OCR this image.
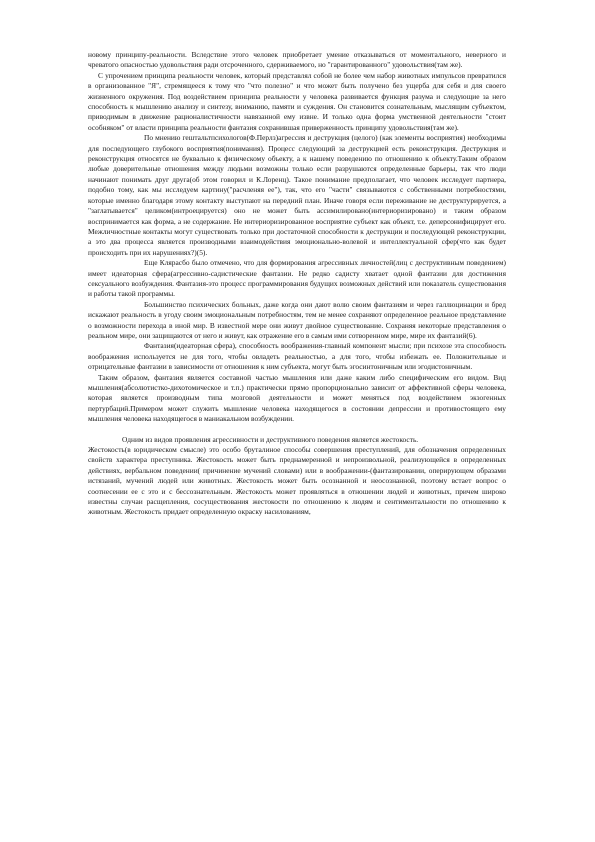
новому принципу-реальности. Вследствие этого человек приобретает умение отказываться от моментального, неверного и чреватого опасностью удовольствия ради отсроченного, сдерживаемого, но "гарантированного" удовольствия(там же).

С упрочением принципа реальности человек, который представлял собой не более чем набор животных импульсов превратился в организованное "Я", стремящееся к тому что "что полезно" и что может быть получено без ущерба для себя и для своего жизненного окружения. Под воздействием принципа реальности у человека развивается функция разума и следующие за него способность к мышлению анализу и синтезу, вниманию, памяти и суждения. Он становится сознательным, мыслящим субъектом, приводимым в движение рационалистичности навязанной ему извне. И только одна форма умственной деятельности "стоит особняком" от власти принципа реальности фантазия сохранившая приверженность принципу удовольствия(там же).

По мнению гештальтпсихологов(Ф.Перлз)агрессия и деструкция (целого) (как элементы восприятия) необходимы для последующего глубокого восприятия(понимания). Процесс следующий за деструкцией есть реконструкция. Деструкция и реконструкция относятся не буквально к физическому объекту, а к нашему поведению по отношению к объекту.Таким образом любые доверительные отношения между людьми возможны только если разрушаются определенные барьеры, так что люди начинают понимать друг друга(об этом говорил и К.Лоренц). Такое понимание предполагает, что человек исследует партнера, подобно тому, как мы исследуем картину("расчленяя ее"), так, что его "части" связываются с собственными потребностями, которые именно благодаря этому контакту выступают на передний план. Иначе говоря если переживание не деструктурируется, а "заглатывается" целиком(интроецируется) оно не может быть ассимилировано(интериоризировано) и таким образом воспринимается как форма, а не содержание. Не интериоризированное восприятие субъект как объект, т.е. деперсонифицирует его. Межличностные контакты могут существовать только при достаточной способности к деструкции и последующей реконструкции, а это два процесса является производными взаимодействия эмоционально-волевой и интеллектуальной сфер(что как будет происходить при их нарушениях?)(5).

Еще Клярасбо было отмечено, что для формирования агрессивных личностей(лиц с деструктивным поведением) имеет идеаторная сфера(агрессивно-садистические фантазии. Не редко садисту хватает одной фантазии для достижения сексуального возбуждения. Фантазия-это процесс программирования будущих возможных действий или показатель существования и работы такой программы.

Большинство психических больных, даже когда они дают волю своим фантазиям и через галлюцинации и бред искажают реальность в угоду своим эмоциональным потребностям, тем не менее сохраняют определенное реальное представление о возможности перехода в иной мир. В известной мере они живут двойное существование. Сохраняя некоторые представления о реальном мире, они защищаются от него и живут, как отражение его в самым ими сотворенном мире, мире их фантазий(6).

Фантазия(идеаторная сфера), способность воображения-главный компонент мысли; при психозе эта способность воображения используется не для того, чтобы овладеть реальностью, а для того, чтобы избежать ее. Положительные и отрицательные фантазии в зависимости от отношения к ним субъекта, могут быть эгосинтоничным или эгодистоничным.

Таким образом, фантазия является составной частью мышления или даже каким либо специфическим его видом. Вид мышления(абсолютистко-дихотомическое и т.п.) практически прямо пропорционально зависит от аффективной сферы человека, которая является производным типа мозговой деятельности и может меняться под воздействием экзогенных пертурбаций.Примером может служить мышление человека находящегося в состоянии депрессии и противостоящего ему мышления человека находящегося в маниакальном возбуждении.

Одним из видов проявления агрессивности и деструктивного поведения является жестокость.

Жестокость(в юридическом смысле) это особо бруталиное способы совершения преступлений, для обозначения определенных свойств характера преступника. Жестокость может быть преднамеренной и непроизвольной, реализующейся в определенных действиях, вербальном поведении( причинение мучений словами) или в воображении-(фантазировании, оперирующем образами истязаний, мучений людей или животных. Жестокость может быть осознанной и неосознанной, поэтому встает вопрос о соотнесении ее с это и с бессознательным. Жестокость может проявляться в отношении людей и животных, причем широко известны случаи расщепления, сосуществования жестокости по отношению к людям и сентиментальности по отношению к животным. Жестокость придает определенную окраску насилованиям,
